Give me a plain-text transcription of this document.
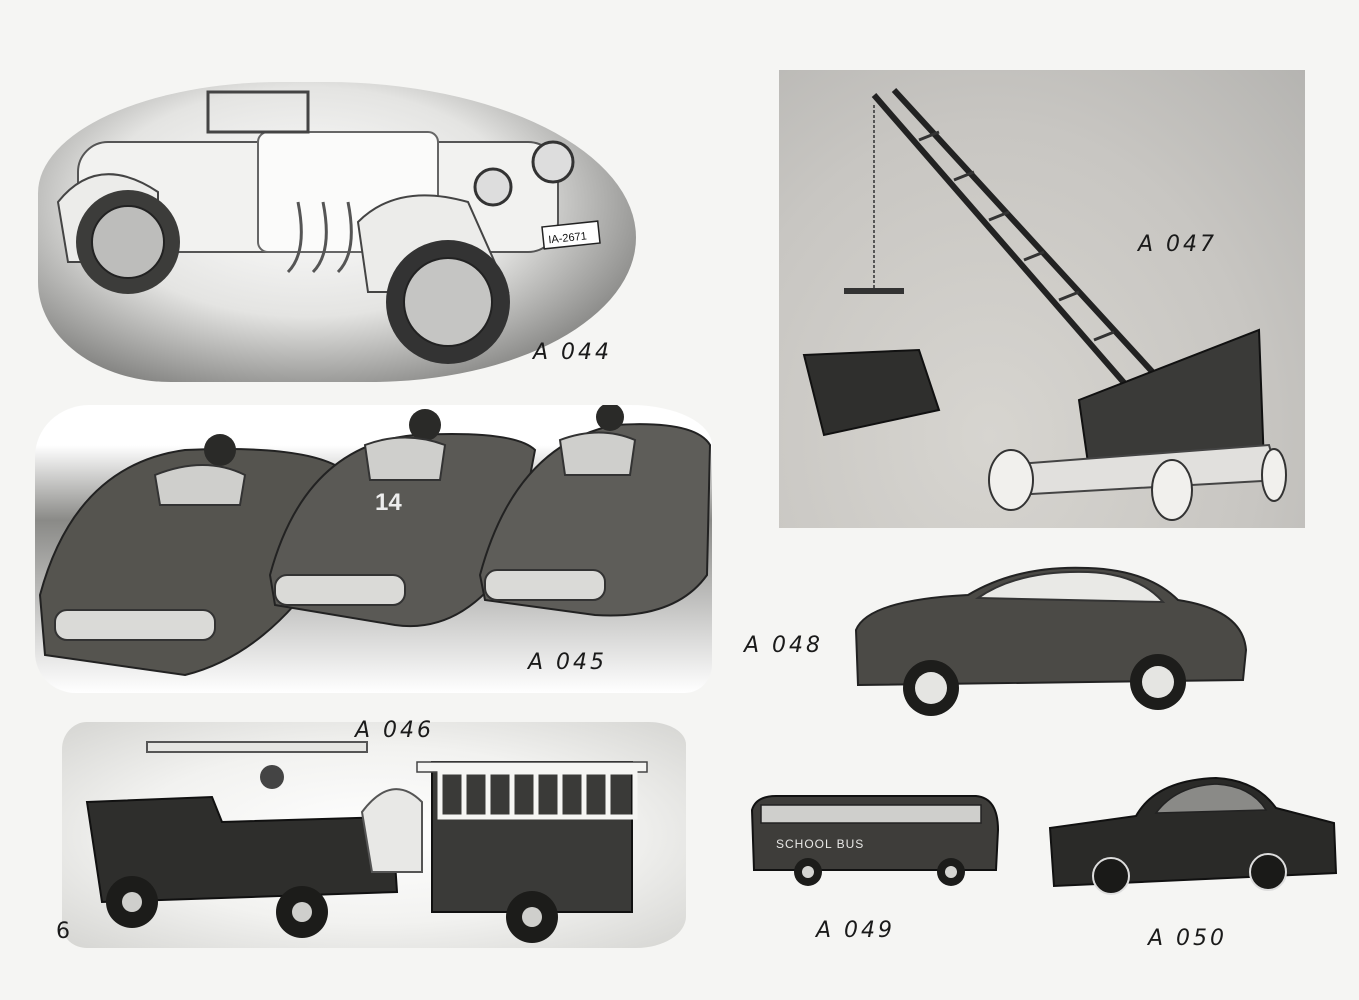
IA-2671
A 044
A 047
14
A 045
A 048
A 046
SCHOOL BUS
A 049	A 050
6
